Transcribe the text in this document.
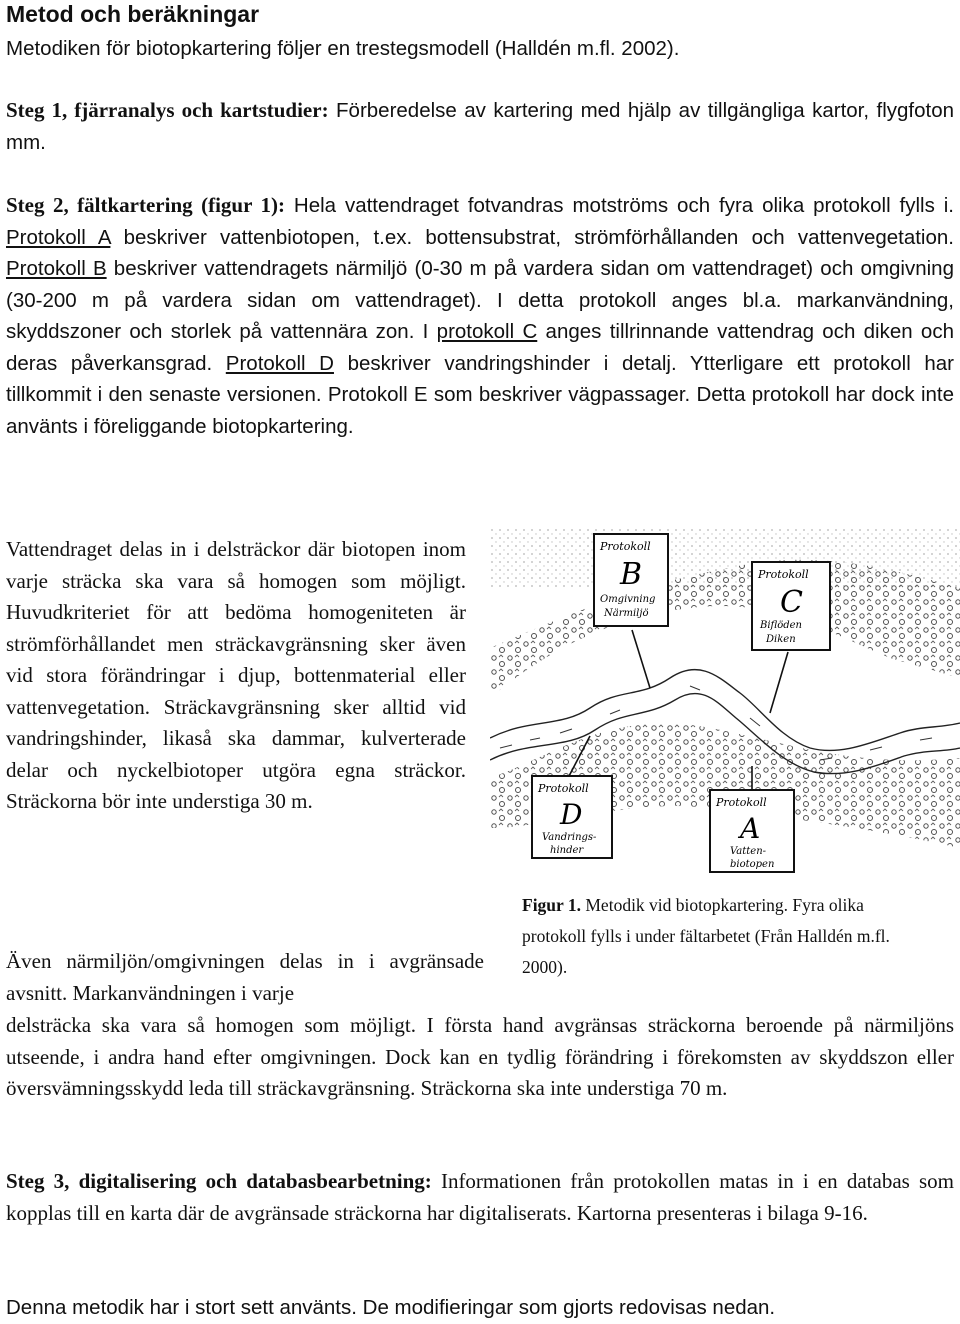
Metod och beräkningar

Metodiken för biotopkartering följer en trestegsmodell (Halldén m.fl. 2002).

Steg 1, fjärranalys och kartstudier: Förberedelse av kartering med hjälp av tillgängliga kartor, flygfoton mm.

Steg 2, fältkartering (figur 1): Hela vattendraget fotvandras motströms och fyra olika protokoll fylls i. Protokoll A beskriver vattenbiotopen, t.ex. bottensubstrat, strömförhållanden och vattenvegetation. Protokoll B beskriver vattendragets närmiljö (0-30 m på vardera sidan om vattendraget) och omgivning (30-200 m på vardera sidan om vattendraget). I detta protokoll anges bl.a. markanvändning, skyddszoner och storlek på vattennära zon. I protokoll C anges tillrinnande vattendrag och diken och deras påverkansgrad. Protokoll D beskriver vandringshinder i detalj. Ytterligare ett protokoll har tillkommit i den senaste versionen. Protokoll E som beskriver vägpassager. Detta protokoll har dock inte använts i föreliggande biotopkartering.

Vattendraget delas in i delsträckor där biotopen inom varje sträcka ska vara så homogen som möjligt. Huvudkriteriet för att bedöma homogeniteten är strömförhållandet men sträckavgränsning sker även vid stora förändringar i djup, bottenmaterial eller vattenvegetation. Sträckavgränsning sker alltid vid vandringshinder, likaså ska dammar, kulverterade delar och nyckelbiotoper utgöra egna sträckor. Sträckorna bör inte understiga 30 m.

Protokoll
B
Omgivning
Närmiljö
Protokoll
C
Biflöden
Diken
Protokoll
D
Vandrings-
hinder
Protokoll
A
Vatten-
biotopen

Figur 1. Metodik vid biotopkartering. Fyra olika protokoll fylls i under fältarbetet (Från Halldén m.fl. 2000).

Även närmiljön/omgivningen delas in i avgränsade avsnitt. Markanvändningen i varje

delsträcka ska vara så homogen som möjligt. I första hand avgränsas sträckorna beroende på närmiljöns utseende, i andra hand efter omgivningen. Dock kan en tydlig förändring i förekomsten av skyddszon eller översvämningsskydd leda till sträckavgränsning. Sträckorna ska inte understiga 70 m.

Steg 3, digitalisering och databasbearbetning: Informationen från protokollen matas in i en databas som kopplas till en karta där de avgränsade sträckorna har digitaliserats. Kartorna presenteras i bilaga 9-16.

Denna metodik har i stort sett använts. De modifieringar som gjorts redovisas nedan.
